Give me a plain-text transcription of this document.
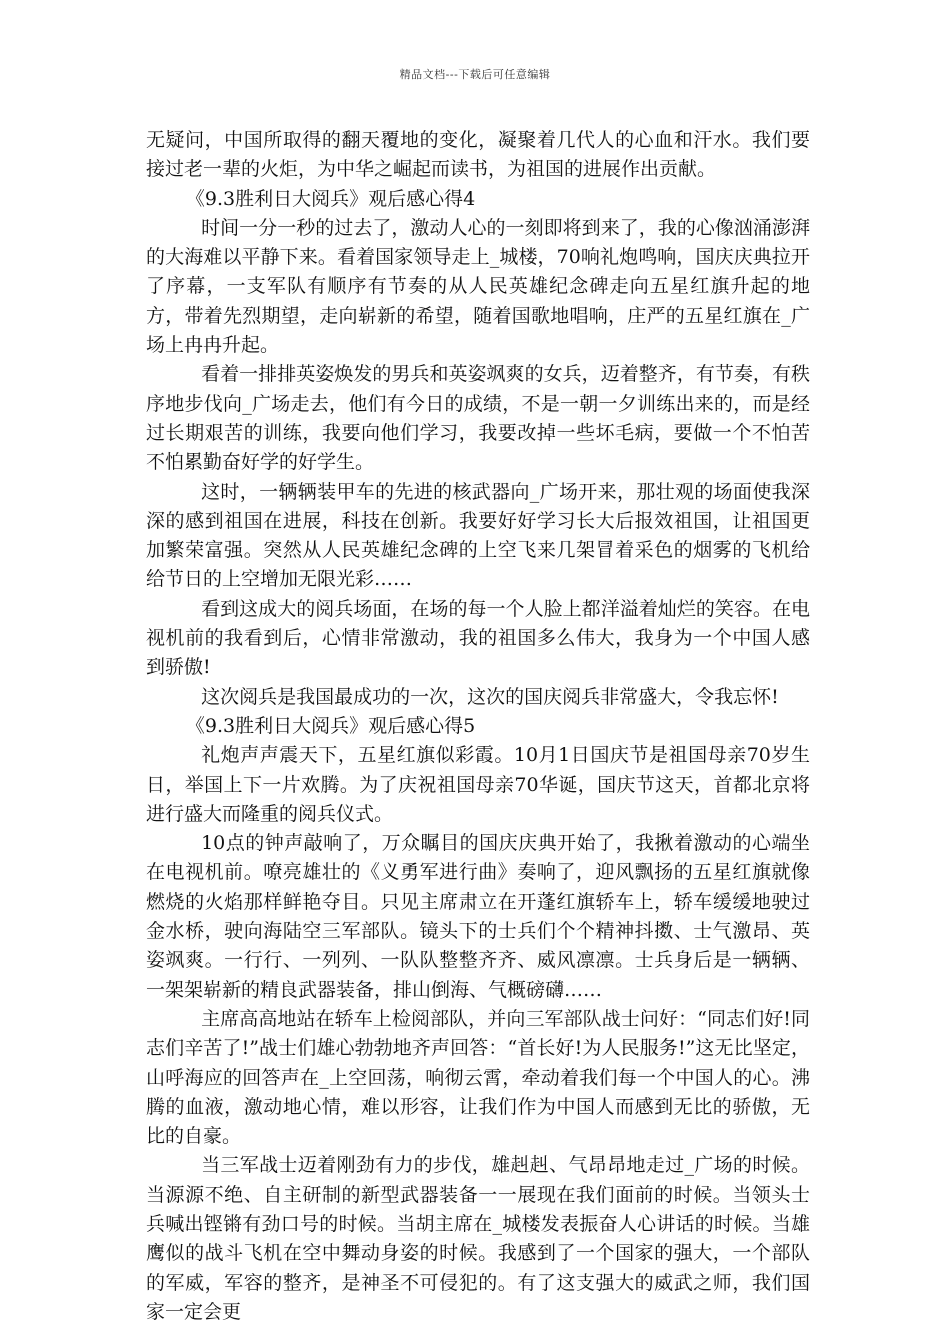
精品文档---下载后可任意编辑

无疑问，中国所取得的翻天覆地的变化，凝聚着几代人的心血和汗水。我们要接过老一辈的火炬，为中华之崛起而读书，为祖国的进展作出贡献。

《9.3胜利日大阅兵》观后感心得4

时间一分一秒的过去了，激动人心的一刻即将到来了，我的心像汹涌澎湃的大海难以平静下来。看着国家领导走上_城楼，70响礼炮鸣响，国庆庆典拉开了序幕，一支军队有顺序有节奏的从人民英雄纪念碑走向五星红旗升起的地方，带着先烈期望，走向崭新的希望，随着国歌地唱响，庄严的五星红旗在_广场上冉冉升起。

看着一排排英姿焕发的男兵和英姿飒爽的女兵，迈着整齐，有节奏，有秩序地步伐向_广场走去，他们有今日的成绩，不是一朝一夕训练出来的，而是经过长期艰苦的训练，我要向他们学习，我要改掉一些坏毛病，要做一个不怕苦不怕累勤奋好学的好学生。

这时，一辆辆装甲车的先进的核武器向_广场开来，那壮观的场面使我深深的感到祖国在进展，科技在创新。我要好好学习长大后报效祖国，让祖国更加繁荣富强。突然从人民英雄纪念碑的上空飞来几架冒着采色的烟雾的飞机给给节日的上空增加无限光彩……

看到这成大的阅兵场面，在场的每一个人脸上都洋溢着灿烂的笑容。在电视机前的我看到后，心情非常激动，我的祖国多么伟大，我身为一个中国人感到骄傲!

这次阅兵是我国最成功的一次，这次的国庆阅兵非常盛大，令我忘怀!

《9.3胜利日大阅兵》观后感心得5

礼炮声声震天下，五星红旗似彩霞。10月1日国庆节是祖国母亲70岁生日，举国上下一片欢腾。为了庆祝祖国母亲70华诞，国庆节这天，首都北京将进行盛大而隆重的阅兵仪式。

10点的钟声敲响了，万众瞩目的国庆庆典开始了，我揪着激动的心端坐在电视机前。嘹亮雄壮的《义勇军进行曲》奏响了，迎风飘扬的五星红旗就像燃烧的火焰那样鲜艳夺目。只见主席肃立在开蓬红旗轿车上，轿车缓缓地驶过金水桥，驶向海陆空三军部队。镜头下的士兵们个个精神抖擞、士气激昂、英姿飒爽。一行行、一列列、一队队整整齐齐、威风凛凛。士兵身后是一辆辆、一架架崭新的精良武器装备，排山倒海、气概磅礴……

主席高高地站在轿车上检阅部队，并向三军部队战士问好：“同志们好!同志们辛苦了!”战士们雄心勃勃地齐声回答：“首长好!为人民服务!”这无比坚定，山呼海应的回答声在_上空回荡，响彻云霄，牵动着我们每一个中国人的心。沸腾的血液，激动地心情，难以形容，让我们作为中国人而感到无比的骄傲，无比的自豪。

当三军战士迈着刚劲有力的步伐，雄赳赳、气昂昂地走过_广场的时候。当源源不绝、自主研制的新型武器装备一一展现在我们面前的时候。当领头士兵喊出铿锵有劲口号的时候。当胡主席在_城楼发表振奋人心讲话的时候。当雄鹰似的战斗飞机在空中舞动身姿的时候。我感到了一个国家的强大，一个部队的军威，军容的整齐，是神圣不可侵犯的。有了这支强大的威武之师，我们国家一定会更
